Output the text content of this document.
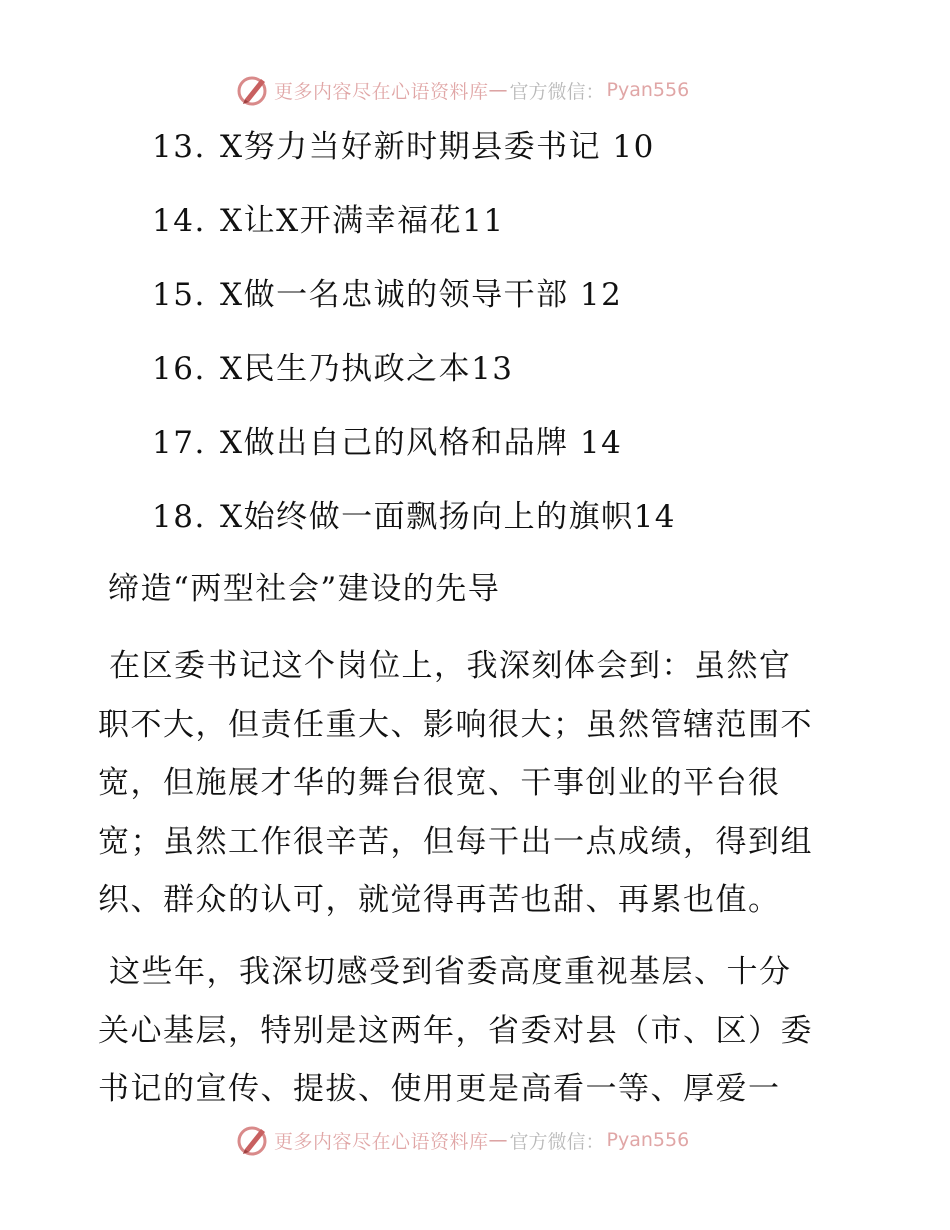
更多内容尽在心语资料库 — 官方微信： Pyan556
13. X努力当好新时期县委书记 10
14. X让X开满幸福花11
15. X做一名忠诚的领导干部 12
16. X民生乃执政之本13
17. X做出自己的风格和品牌 14
18. X始终做一面飘扬向上的旗帜14
缔造“两型社会”建设的先导
在区委书记这个岗位上，我深刻体会到：虽然官
职不大，但责任重大、影响很大；虽然管辖范围不
宽，但施展才华的舞台很宽、干事创业的平台很
宽；虽然工作很辛苦，但每干出一点成绩，得到组
织、群众的认可，就觉得再苦也甜、再累也值。
这些年，我深切感受到省委高度重视基层、十分
关心基层，特别是这两年，省委对县（市、区）委
书记的宣传、提拔、使用更是高看一等、厚爱一
更多内容尽在心语资料库 — 官方微信： Pyan556
